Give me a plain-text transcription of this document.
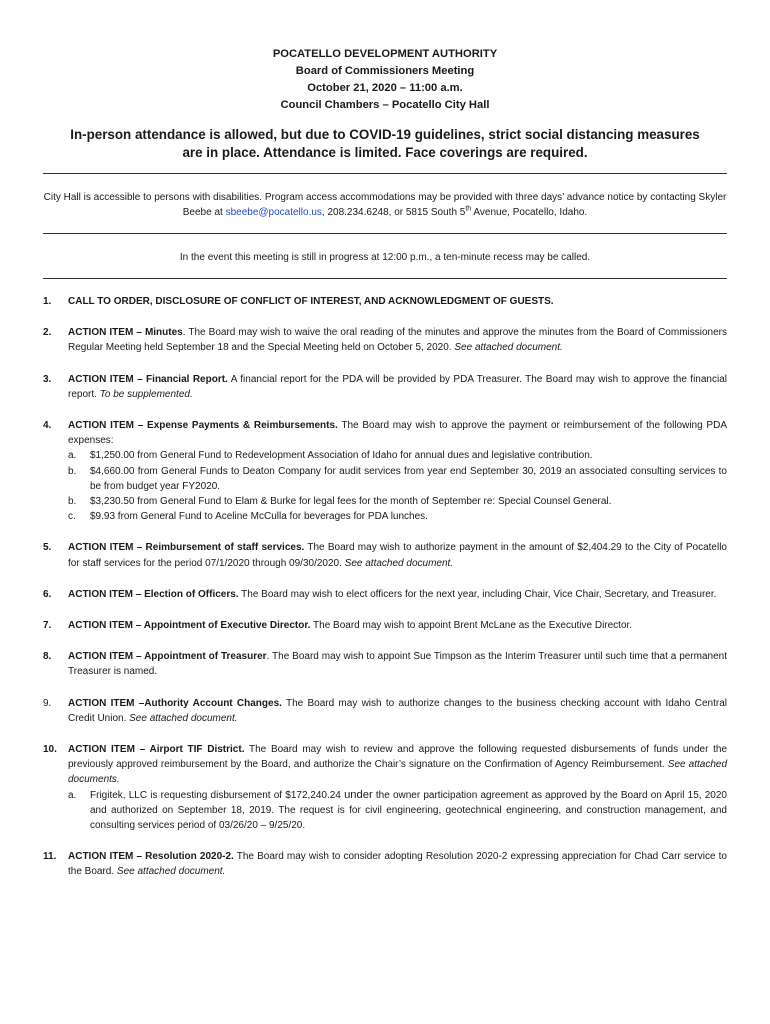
POCATELLO DEVELOPMENT AUTHORITY
Board of Commissioners Meeting
October 21, 2020 – 11:00 a.m.
Council Chambers – Pocatello City Hall
In-person attendance is allowed, but due to COVID-19 guidelines, strict social distancing measures are in place. Attendance is limited. Face coverings are required.
City Hall is accessible to persons with disabilities. Program access accommodations may be provided with three days’ advance notice by contacting Skyler Beebe at sbeebe@pocatello.us, 208.234.6248, or 5815 South 5th Avenue, Pocatello, Idaho.
In the event this meeting is still in progress at 12:00 p.m., a ten-minute recess may be called.
1.	CALL TO ORDER, DISCLOSURE OF CONFLICT OF INTEREST, AND ACKNOWLEDGMENT OF GUESTS.
2.	ACTION ITEM – Minutes. The Board may wish to waive the oral reading of the minutes and approve the minutes from the Board of Commissioners Regular Meeting held September 18 and the Special Meeting held on October 5, 2020. See attached document.
3.	ACTION ITEM – Financial Report. A financial report for the PDA will be provided by PDA Treasurer. The Board may wish to approve the financial report. To be supplemented.
4.	ACTION ITEM – Expense Payments & Reimbursements. The Board may wish to approve the payment or reimbursement of the following PDA expenses:
a.	$1,250.00 from General Fund to Redevelopment Association of Idaho for annual dues and legislative contribution.
b.	$4,660.00 from General Funds to Deaton Company for audit services from year end September 30, 2019 an associated consulting services to be from budget year FY2020.
b.	$3,230.50 from General Fund to Elam & Burke for legal fees for the month of September re: Special Counsel General.
c.	$9.93 from General Fund to Aceline McCulla for beverages for PDA lunches.
5.	ACTION ITEM – Reimbursement of staff services. The Board may wish to authorize payment in the amount of $2,404.29 to the City of Pocatello for staff services for the period 07/1/2020 through 09/30/2020. See attached document.
6.	ACTION ITEM – Election of Officers. The Board may wish to elect officers for the next year, including Chair, Vice Chair, Secretary, and Treasurer.
7.	ACTION ITEM – Appointment of Executive Director. The Board may wish to appoint Brent McLane as the Executive Director.
8.	ACTION ITEM – Appointment of Treasurer. The Board may wish to appoint Sue Timpson as the Interim Treasurer until such time that a permanent Treasurer is named.
9.	ACTION ITEM –Authority Account Changes. The Board may wish to authorize changes to the business checking account with Idaho Central Credit Union. See attached document.
10.	ACTION ITEM – Airport TIF District. The Board may wish to review and approve the following requested disbursements of funds under the previously approved reimbursement by the Board, and authorize the Chair’s signature on the Confirmation of Agency Reimbursement. See attached documents.
a.	Frigitek, LLC is requesting disbursement of $172,240.24 under the owner participation agreement as approved by the Board on April 15, 2020 and authorized on September 18, 2019. The request is for civil engineering, geotechnical engineering, and construction management, and consulting services period of 03/26/20 – 9/25/20.
11.	ACTION ITEM – Resolution 2020-2. The Board may wish to consider adopting Resolution 2020-2 expressing appreciation for Chad Carr service to the Board. See attached document.
